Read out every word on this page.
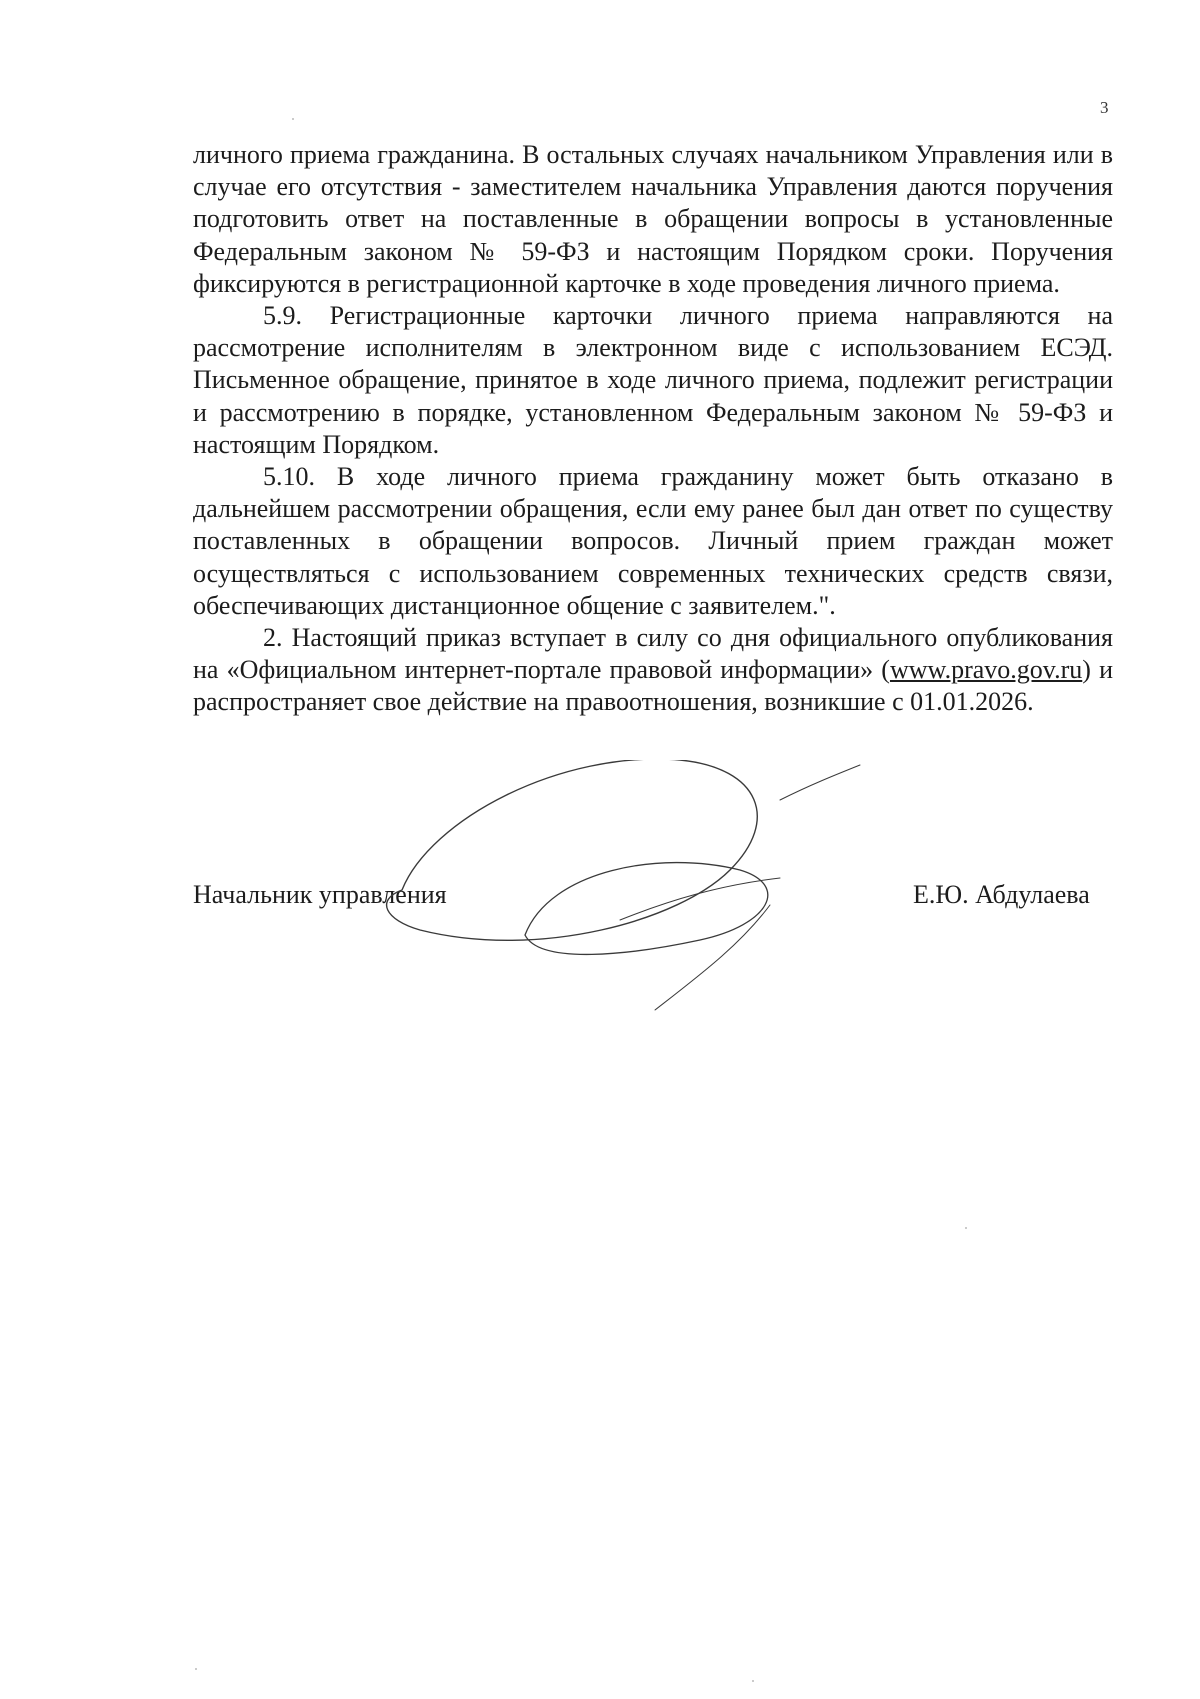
3

личного приема гражданина. В остальных случаях начальником Управления или в случае его отсутствия - заместителем начальника Управления даются поручения подготовить ответ на поставленные в обращении вопросы в установленные Федеральным законом № 59-ФЗ и настоящим Порядком сроки. Поручения фиксируются в регистрационной карточке в ходе проведения личного приема.

5.9. Регистрационные карточки личного приема направляются на рассмотрение исполнителям в электронном виде с использованием ЕСЭД. Письменное обращение, принятое в ходе личного приема, подлежит регистрации и рассмотрению в порядке, установленном Федеральным законом № 59-ФЗ и настоящим Порядком.

5.10. В ходе личного приема гражданину может быть отказано в дальнейшем рассмотрении обращения, если ему ранее был дан ответ по существу поставленных в обращении вопросов. Личный прием граждан может осуществляться с использованием современных технических средств связи, обеспечивающих дистанционное общение с заявителем.".

2. Настоящий приказ вступает в силу со дня официального опубликования на «Официальном интернет-портале правовой информации» (www.pravo.gov.ru) и распространяет свое действие на правоотношения, возникшие с 01.01.2026.

Начальник управления	Е.Ю. Абдулаева
